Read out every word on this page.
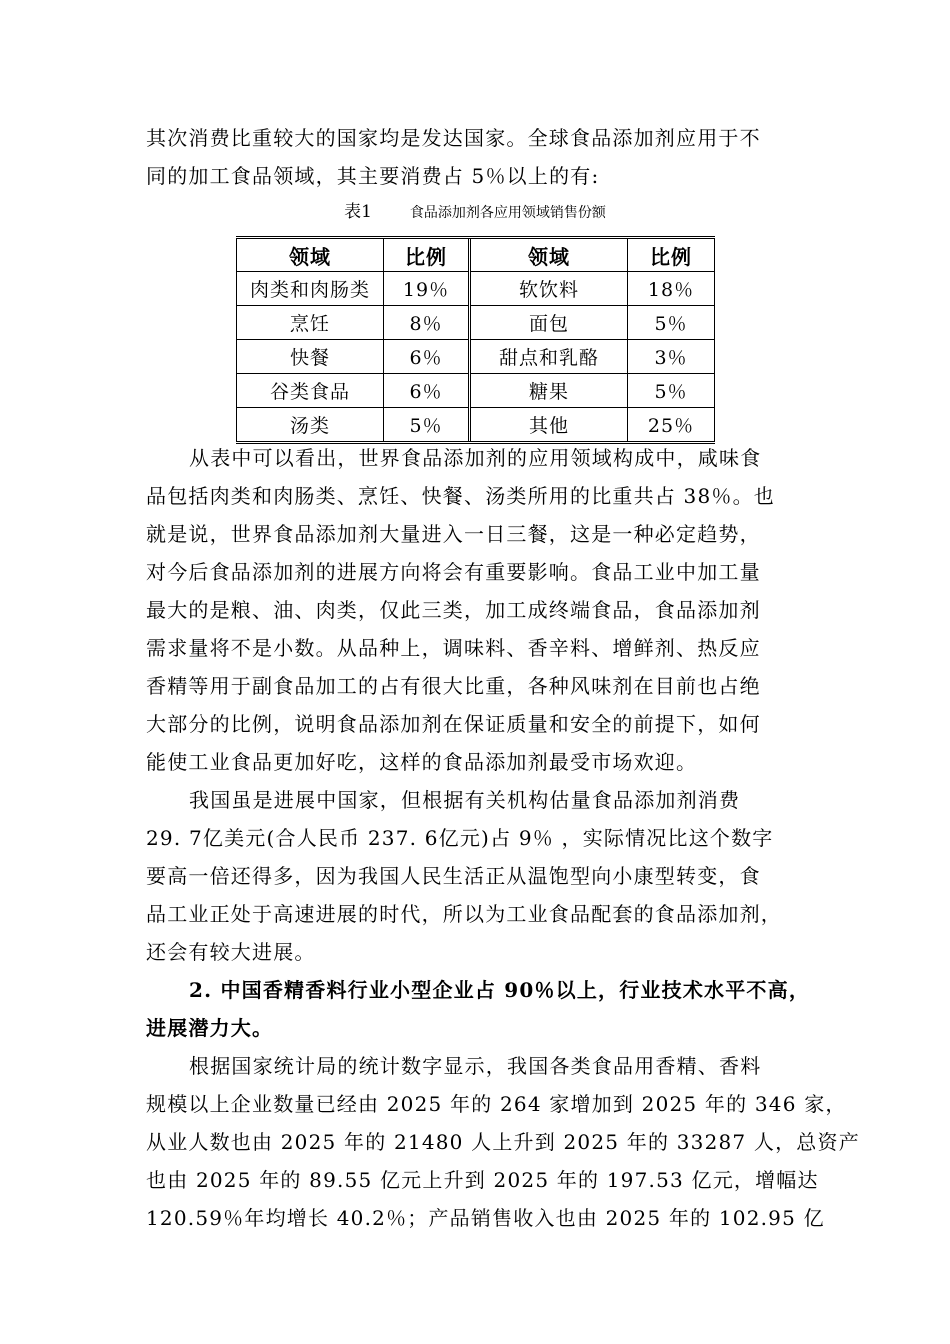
其次消费比重较大的国家均是发达国家。全球食品添加剂应用于不
同的加工食品领域，其主要消费占 5％以上的有:
表1	食品添加剂各应用领域销售份额
领域	比例	领域	比例
肉类和肉肠类	19％	软饮料	18％
烹饪	8％	面包	5％
快餐	6％	甜点和乳酪	3％
谷类食品	6％	糖果	5％
汤类	5％	其他	25％
从表中可以看出，世界食品添加剂的应用领域构成中，咸味食
品包括肉类和肉肠类、烹饪、快餐、汤类所用的比重共占 38％。也
就是说，世界食品添加剂大量进入一日三餐，这是一种必定趋势，
对今后食品添加剂的进展方向将会有重要影响。食品工业中加工量
最大的是粮、油、肉类，仅此三类，加工成终端食品，食品添加剂
需求量将不是小数。从品种上，调味料、香辛料、增鲜剂、热反应
香精等用于副食品加工的占有很大比重，各种风味剂在目前也占绝
大部分的比例，说明食品添加剂在保证质量和安全的前提下，如何
能使工业食品更加好吃，这样的食品添加剂最受市场欢迎。
我国虽是进展中国家，但根据有关机构估量食品添加剂消费
29. 7亿美元(合人民币 237. 6亿元)占 9％ ，实际情况比这个数字
要高一倍还得多，因为我国人民生活正从温饱型向小康型转变，食
品工业正处于高速进展的时代，所以为工业食品配套的食品添加剂，
还会有较大进展。
2. 中国香精香料行业小型企业占 90％以上，行业技术水平不高，
进展潜力大。
根据国家统计局的统计数字显示，我国各类食品用香精、香料
规模以上企业数量已经由 2025 年的 264 家增加到 2025 年的 346 家，
从业人数也由 2025 年的 21480 人上升到 2025 年的 33287 人，总资产
也由 2025 年的 89.55 亿元上升到 2025 年的 197.53 亿元，增幅达
120.59％年均增长 40.2％；产品销售收入也由 2025 年的 102.95 亿
